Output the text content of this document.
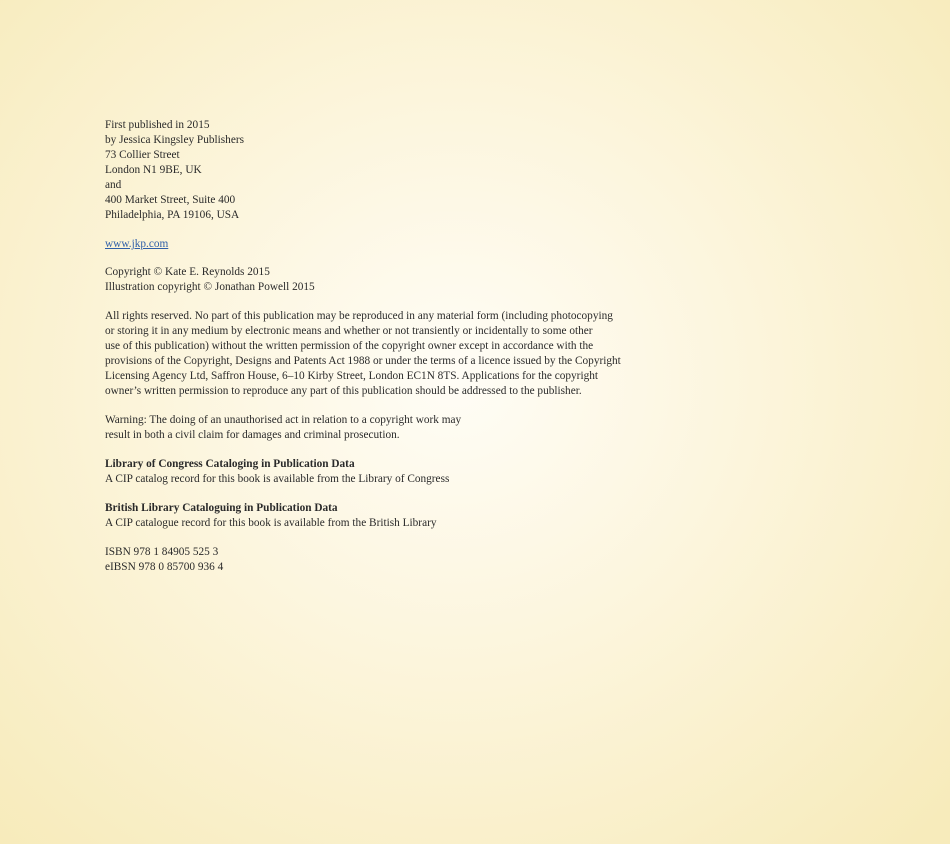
First published in 2015
by Jessica Kingsley Publishers
73 Collier Street
London N1 9BE, UK
and
400 Market Street, Suite 400
Philadelphia, PA 19106, USA
www.jkp.com
Copyright © Kate E. Reynolds 2015
Illustration copyright © Jonathan Powell 2015
All rights reserved. No part of this publication may be reproduced in any material form (including photocopying
or storing it in any medium by electronic means and whether or not transiently or incidentally to some other
use of this publication) without the written permission of the copyright owner except in accordance with the
provisions of the Copyright, Designs and Patents Act 1988 or under the terms of a licence issued by the Copyright
Licensing Agency Ltd, Saffron House, 6–10 Kirby Street, London EC1N 8TS. Applications for the copyright
owner’s written permission to reproduce any part of this publication should be addressed to the publisher.
Warning: The doing of an unauthorised act in relation to a copyright work may
result in both a civil claim for damages and criminal prosecution.
Library of Congress Cataloging in Publication Data
A CIP catalog record for this book is available from the Library of Congress
British Library Cataloguing in Publication Data
A CIP catalogue record for this book is available from the British Library
ISBN 978 1 84905 525 3
eIBSN 978 0 85700 936 4
